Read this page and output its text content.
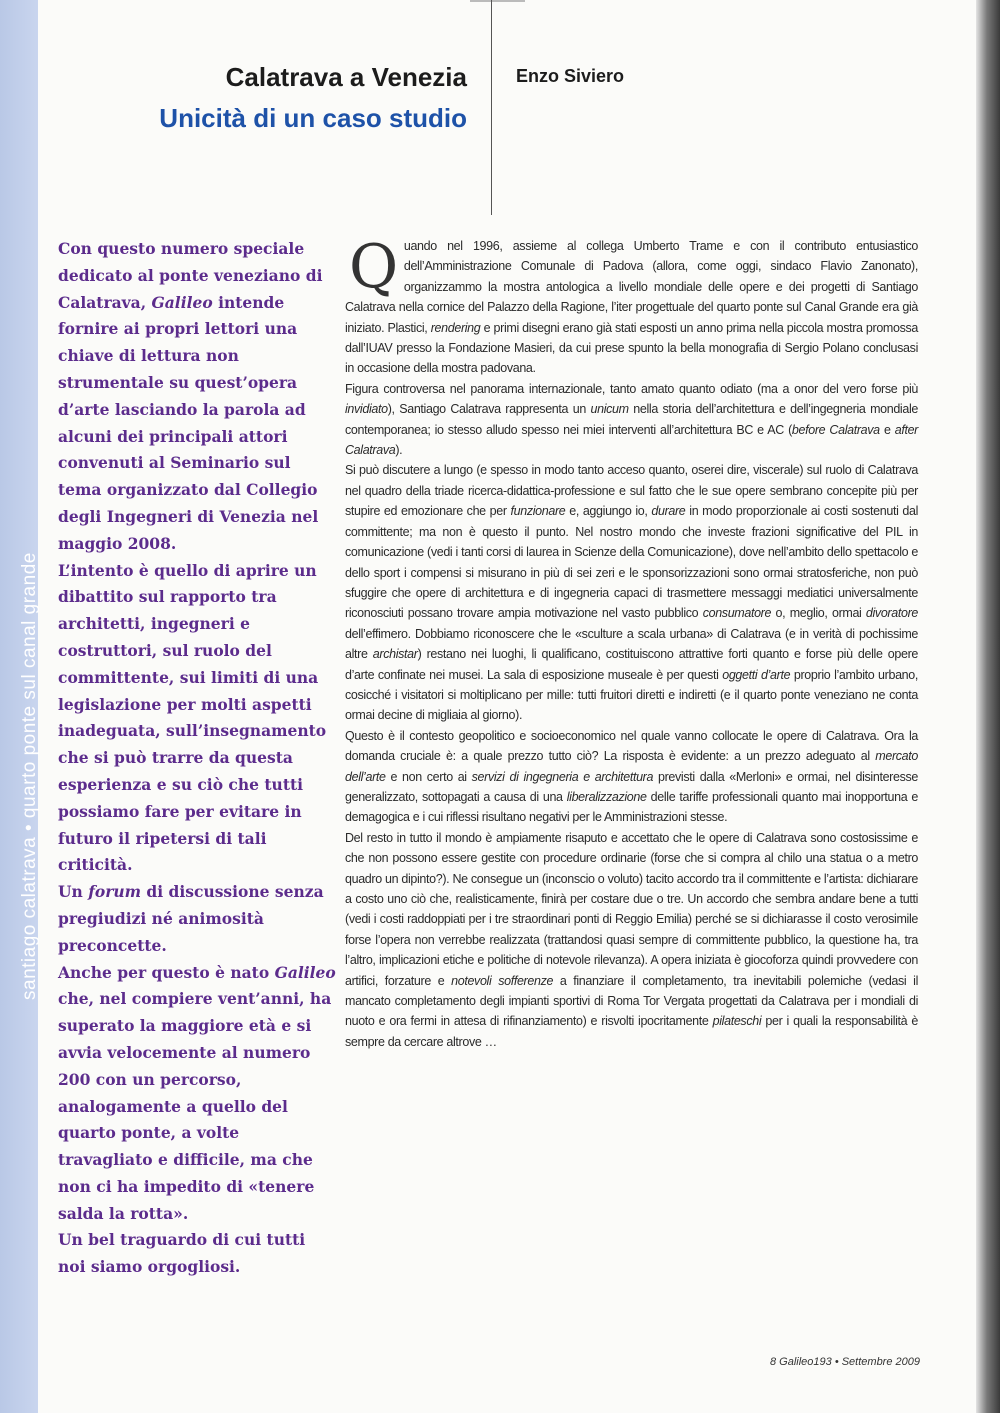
santiago calatrava • quarto ponte sul canal grande
Calatrava a Venezia
Unicità di un caso studio
Enzo Siviero

Con questo numero speciale dedicato al ponte veneziano di Calatrava, Galileo intende fornire ai propri lettori una chiave di lettura non strumentale su quest’opera d’arte lasciando la parola ad alcuni dei principali attori convenuti al Seminario sul tema organizzato dal Collegio degli Ingegneri di Venezia nel maggio 2008.

L’intento è quello di aprire un dibattito sul rapporto tra architetti, ingegneri e costruttori, sul ruolo del committente, sui limiti di una legislazione per molti aspetti inadeguata, sull’insegnamento che si può trarre da questa esperienza e su ciò che tutti possiamo fare per evitare in futuro il ripetersi di tali criticità.

Un forum di discussione senza pregiudizi né animosità preconcette.

Anche per questo è nato Galileo che, nel compiere vent’anni, ha superato la maggiore età e si avvia velocemente al numero 200 con un percorso, analogamente a quello del quarto ponte, a volte travagliato e difficile, ma che non ci ha impedito di «tenere salda la rotta».

Un bel traguardo di cui tutti noi siamo orgogliosi.

Quando nel 1996, assieme al collega Umberto Trame e con il contributo entusiastico dell’Amministrazione Comunale di Padova (allora, come oggi, sindaco Flavio Zanonato), organizzammo la mostra antologica a livello mondiale delle opere e dei progetti di Santiago Calatrava nella cornice del Palazzo della Ragione, l’iter progettuale del quarto ponte sul Canal Grande era già iniziato. Plastici, rendering e primi disegni erano già stati esposti un anno prima nella piccola mostra promossa dall’IUAV presso la Fondazione Masieri, da cui prese spunto la bella monografia di Sergio Polano conclusasi in occasione della mostra padovana.

Figura controversa nel panorama internazionale, tanto amato quanto odiato (ma a onor del vero forse più invidiato), Santiago Calatrava rappresenta un unicum nella storia dell’architettura e dell’ingegneria mondiale contemporanea; io stesso alludo spesso nei miei interventi all’architettura BC e AC (before Calatrava e after Calatrava).

Si può discutere a lungo (e spesso in modo tanto acceso quanto, oserei dire, viscerale) sul ruolo di Calatrava nel quadro della triade ricerca-didattica-professione e sul fatto che le sue opere sembrano concepite più per stupire ed emozionare che per funzionare e, aggiungo io, durare in modo proporzionale ai costi sostenuti dal committente; ma non è questo il punto. Nel nostro mondo che investe frazioni significative del PIL in comunicazione (vedi i tanti corsi di laurea in Scienze della Comunicazione), dove nell’ambito dello spettacolo e dello sport i compensi si misurano in più di sei zeri e le sponsorizzazioni sono ormai stratosferiche, non può sfuggire che opere di architettura e di ingegneria capaci di trasmettere messaggi mediatici universalmente riconosciuti possano trovare ampia motivazione nel vasto pubblico consumatore o, meglio, ormai divoratore dell’effimero. Dobbiamo riconoscere che le «sculture a scala urbana» di Calatrava (e in verità di pochissime altre archistar) restano nei luoghi, li qualificano, costituiscono attrattive forti quanto e forse più delle opere d’arte confinate nei musei. La sala di esposizione museale è per questi oggetti d’arte proprio l’ambito urbano, cosicché i visitatori si moltiplicano per mille: tutti fruitori diretti e indiretti (e il quarto ponte veneziano ne conta ormai decine di migliaia al giorno).

Questo è il contesto geopolitico e socioeconomico nel quale vanno collocate le opere di Calatrava. Ora la domanda cruciale è: a quale prezzo tutto ciò? La risposta è evidente: a un prezzo adeguato al mercato dell’arte e non certo ai servizi di ingegneria e architettura previsti dalla «Merloni» e ormai, nel disinteresse generalizzato, sottopagati a causa di una liberalizzazione delle tariffe professionali quanto mai inopportuna e demagogica e i cui riflessi risultano negativi per le Amministrazioni stesse.

Del resto in tutto il mondo è ampiamente risaputo e accettato che le opere di Calatrava sono costosissime e che non possono essere gestite con procedure ordinarie (forse che si compra al chilo una statua o a metro quadro un dipinto?). Ne consegue un (inconscio o voluto) tacito accordo tra il committente e l’artista: dichiarare a costo uno ciò che, realisticamente, finirà per costare due o tre. Un accordo che sembra andare bene a tutti (vedi i costi raddoppiati per i tre straordinari ponti di Reggio Emilia) perché se si dichiarasse il costo verosimile forse l’opera non verrebbe realizzata (trattandosi quasi sempre di committente pubblico, la questione ha, tra l’altro, implicazioni etiche e politiche di notevole rilevanza). A opera iniziata è giocoforza quindi provvedere con artifici, forzature e notevoli sofferenze a finanziare il completamento, tra inevitabili polemiche (vedasi il mancato completamento degli impianti sportivi di Roma Tor Vergata progettati da Calatrava per i mondiali di nuoto e ora fermi in attesa di rifinanziamento) e risvolti ipocritamente pilateschi per i quali la responsabilità è sempre da cercare altrove …

8 Galileo193 • Settembre 2009
